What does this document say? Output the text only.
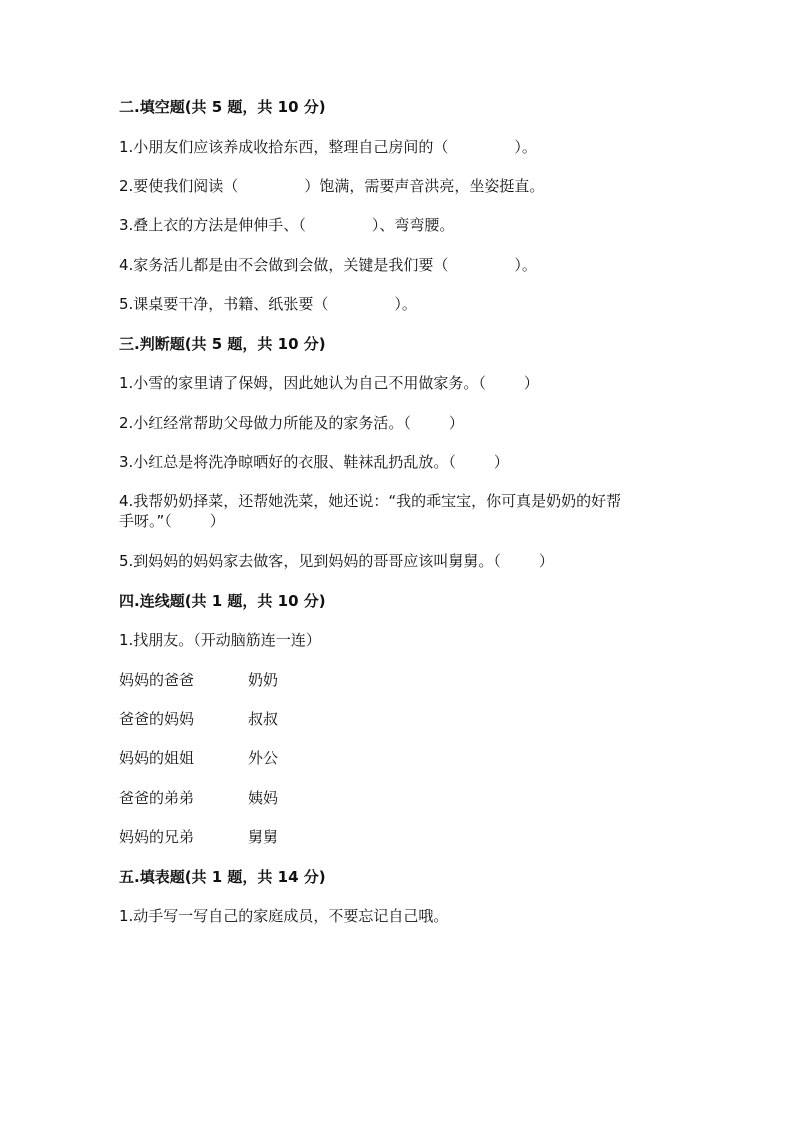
二.填空题(共 5 题，共 10 分)
1.小朋友们应该养成收拾东西，整理自己房间的（	）。
2.要使我们阅读（	）饱满，需要声音洪亮，坐姿挺直。
3.叠上衣的方法是伸伸手、（	）、弯弯腰。
4.家务活儿都是由不会做到会做，关键是我们要（	）。
5.课桌要干净，书籍、纸张要（	）。
三.判断题(共 5 题，共 10 分)
1.小雪的家里请了保姆，因此她认为自己不用做家务。（	）
2.小红经常帮助父母做力所能及的家务活。（	）
3.小红总是将洗净晾晒好的衣服、鞋袜乱扔乱放。（	）
4.我帮奶奶择菜，还帮她洗菜，她还说：“我的乖宝宝，你可真是奶奶的好帮
手呀。”（	）
5.到妈妈的妈妈家去做客，见到妈妈的哥哥应该叫舅舅。（	）
四.连线题(共 1 题，共 10 分)
1.找朋友。（开动脑筋连一连）
妈妈的爸爸	奶奶
爸爸的妈妈	叔叔
妈妈的姐姐	外公
爸爸的弟弟	姨妈
妈妈的兄弟	舅舅
五.填表题(共 1 题，共 14 分)
1.动手写一写自己的家庭成员，不要忘记自己哦。
